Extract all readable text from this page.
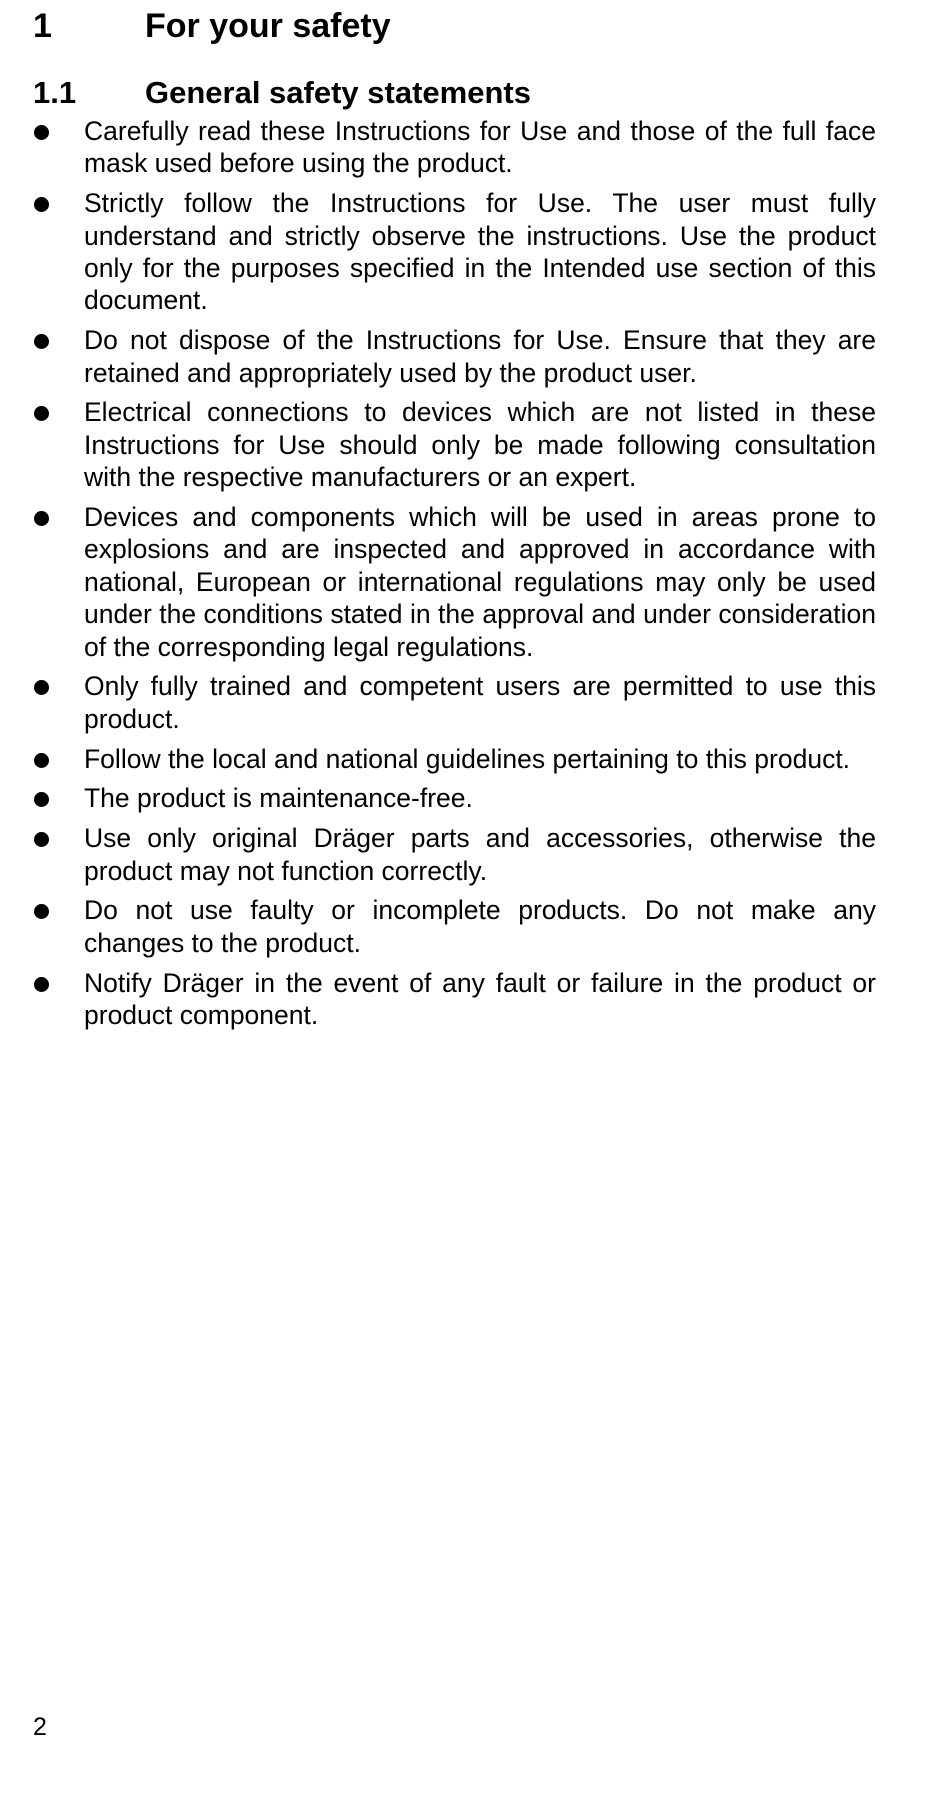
1	For your safety
1.1 General safety statements
Carefully read these Instructions for Use and those of the full face mask used before using the product.
Strictly follow the Instructions for Use. The user must fully understand and strictly observe the instructions. Use the product only for the purposes specified in the Intended use section of this document.
Do not dispose of the Instructions for Use. Ensure that they are retained and appropriately used by the product user.
Electrical connections to devices which are not listed in these Instructions for Use should only be made following consultation with the respective manufacturers or an expert.
Devices and components which will be used in areas prone to explosions and are inspected and approved in accordance with national, European or international regulations may only be used under the conditions stated in the approval and under consideration of the corresponding legal regulations.
Only fully trained and competent users are permitted to use this product.
Follow the local and national guidelines pertaining to this product.
The product is maintenance-free.
Use only original Dräger parts and accessories, otherwise the product may not function correctly.
Do not use faulty or incomplete products. Do not make any changes to the product.
Notify Dräger in the event of any fault or failure in the product or product component.
2
